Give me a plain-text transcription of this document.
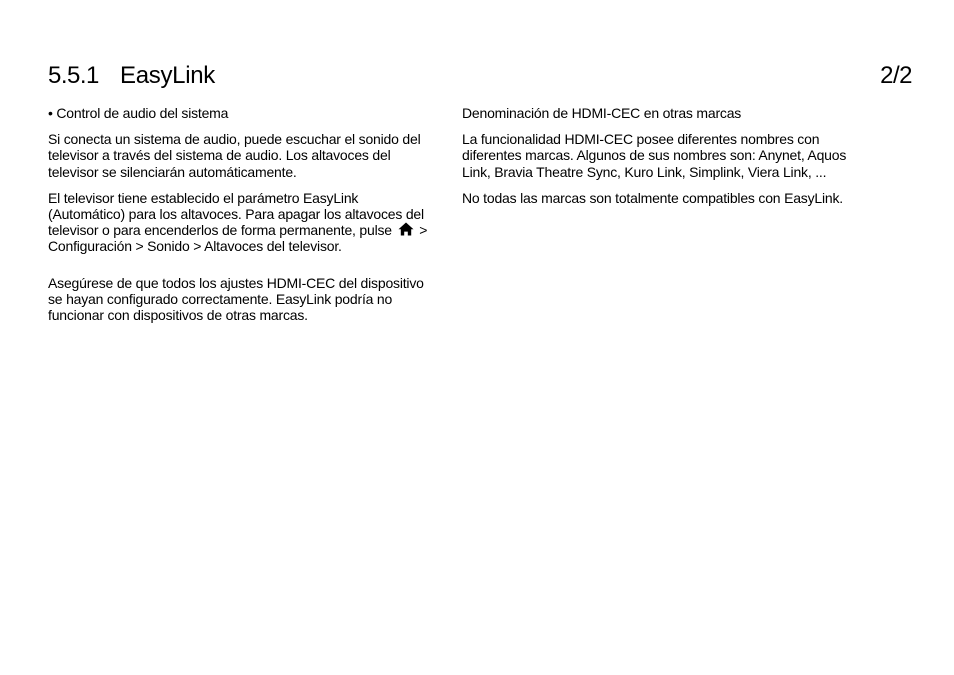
5.5.1 EasyLink	2/2

• Control de audio del sistema

Si conecta un sistema de audio, puede escuchar el sonido del televisor a través del sistema de audio. Los altavoces del televisor se silenciarán automáticamente.

El televisor tiene establecido el parámetro EasyLink (Automático) para los altavoces. Para apagar los altavoces del televisor o para encenderlos de forma permanente, pulse > Configuración > Sonido > Altavoces del televisor.

Asegúrese de que todos los ajustes HDMI-CEC del dispositivo se hayan configurado correctamente. EasyLink podría no funcionar con dispositivos de otras marcas.

Denominación de HDMI-CEC en otras marcas

La funcionalidad HDMI-CEC posee diferentes nombres con diferentes marcas. Algunos de sus nombres son: Anynet, Aquos Link, Bravia Theatre Sync, Kuro Link, Simplink, Viera Link, ...

No todas las marcas son totalmente compatibles con EasyLink.
